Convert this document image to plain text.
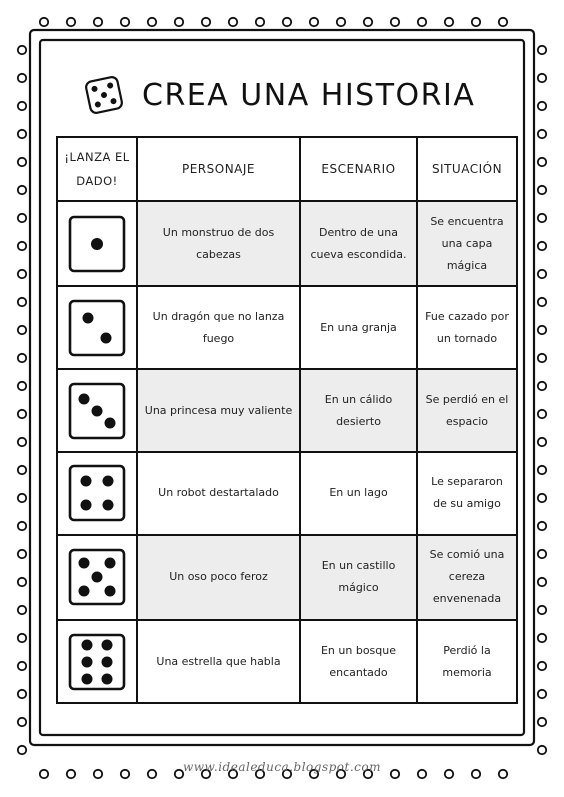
CREA UNA HISTORIA
¡LANZA EL DADO!	PERSONAJE	ESCENARIO	SITUACIÓN

	Un monstruo de dos cabezas	Dentro de una cueva escondida.	Se encuentra una capa mágica

	Un dragón que no lanza fuego	En una granja	Fue cazado por un tornado

	Una princesa muy valiente	En un cálido desierto	Se perdió en el espacio

	Un robot destartalado	En un lago	Le separaron de su amigo

	Un oso poco feroz	En un castillo mágico	Se comió una cereza envenenada

	Una estrella que habla	En un bosque encantado	Perdió la memoria
www.idealeduca.blogspot.com
